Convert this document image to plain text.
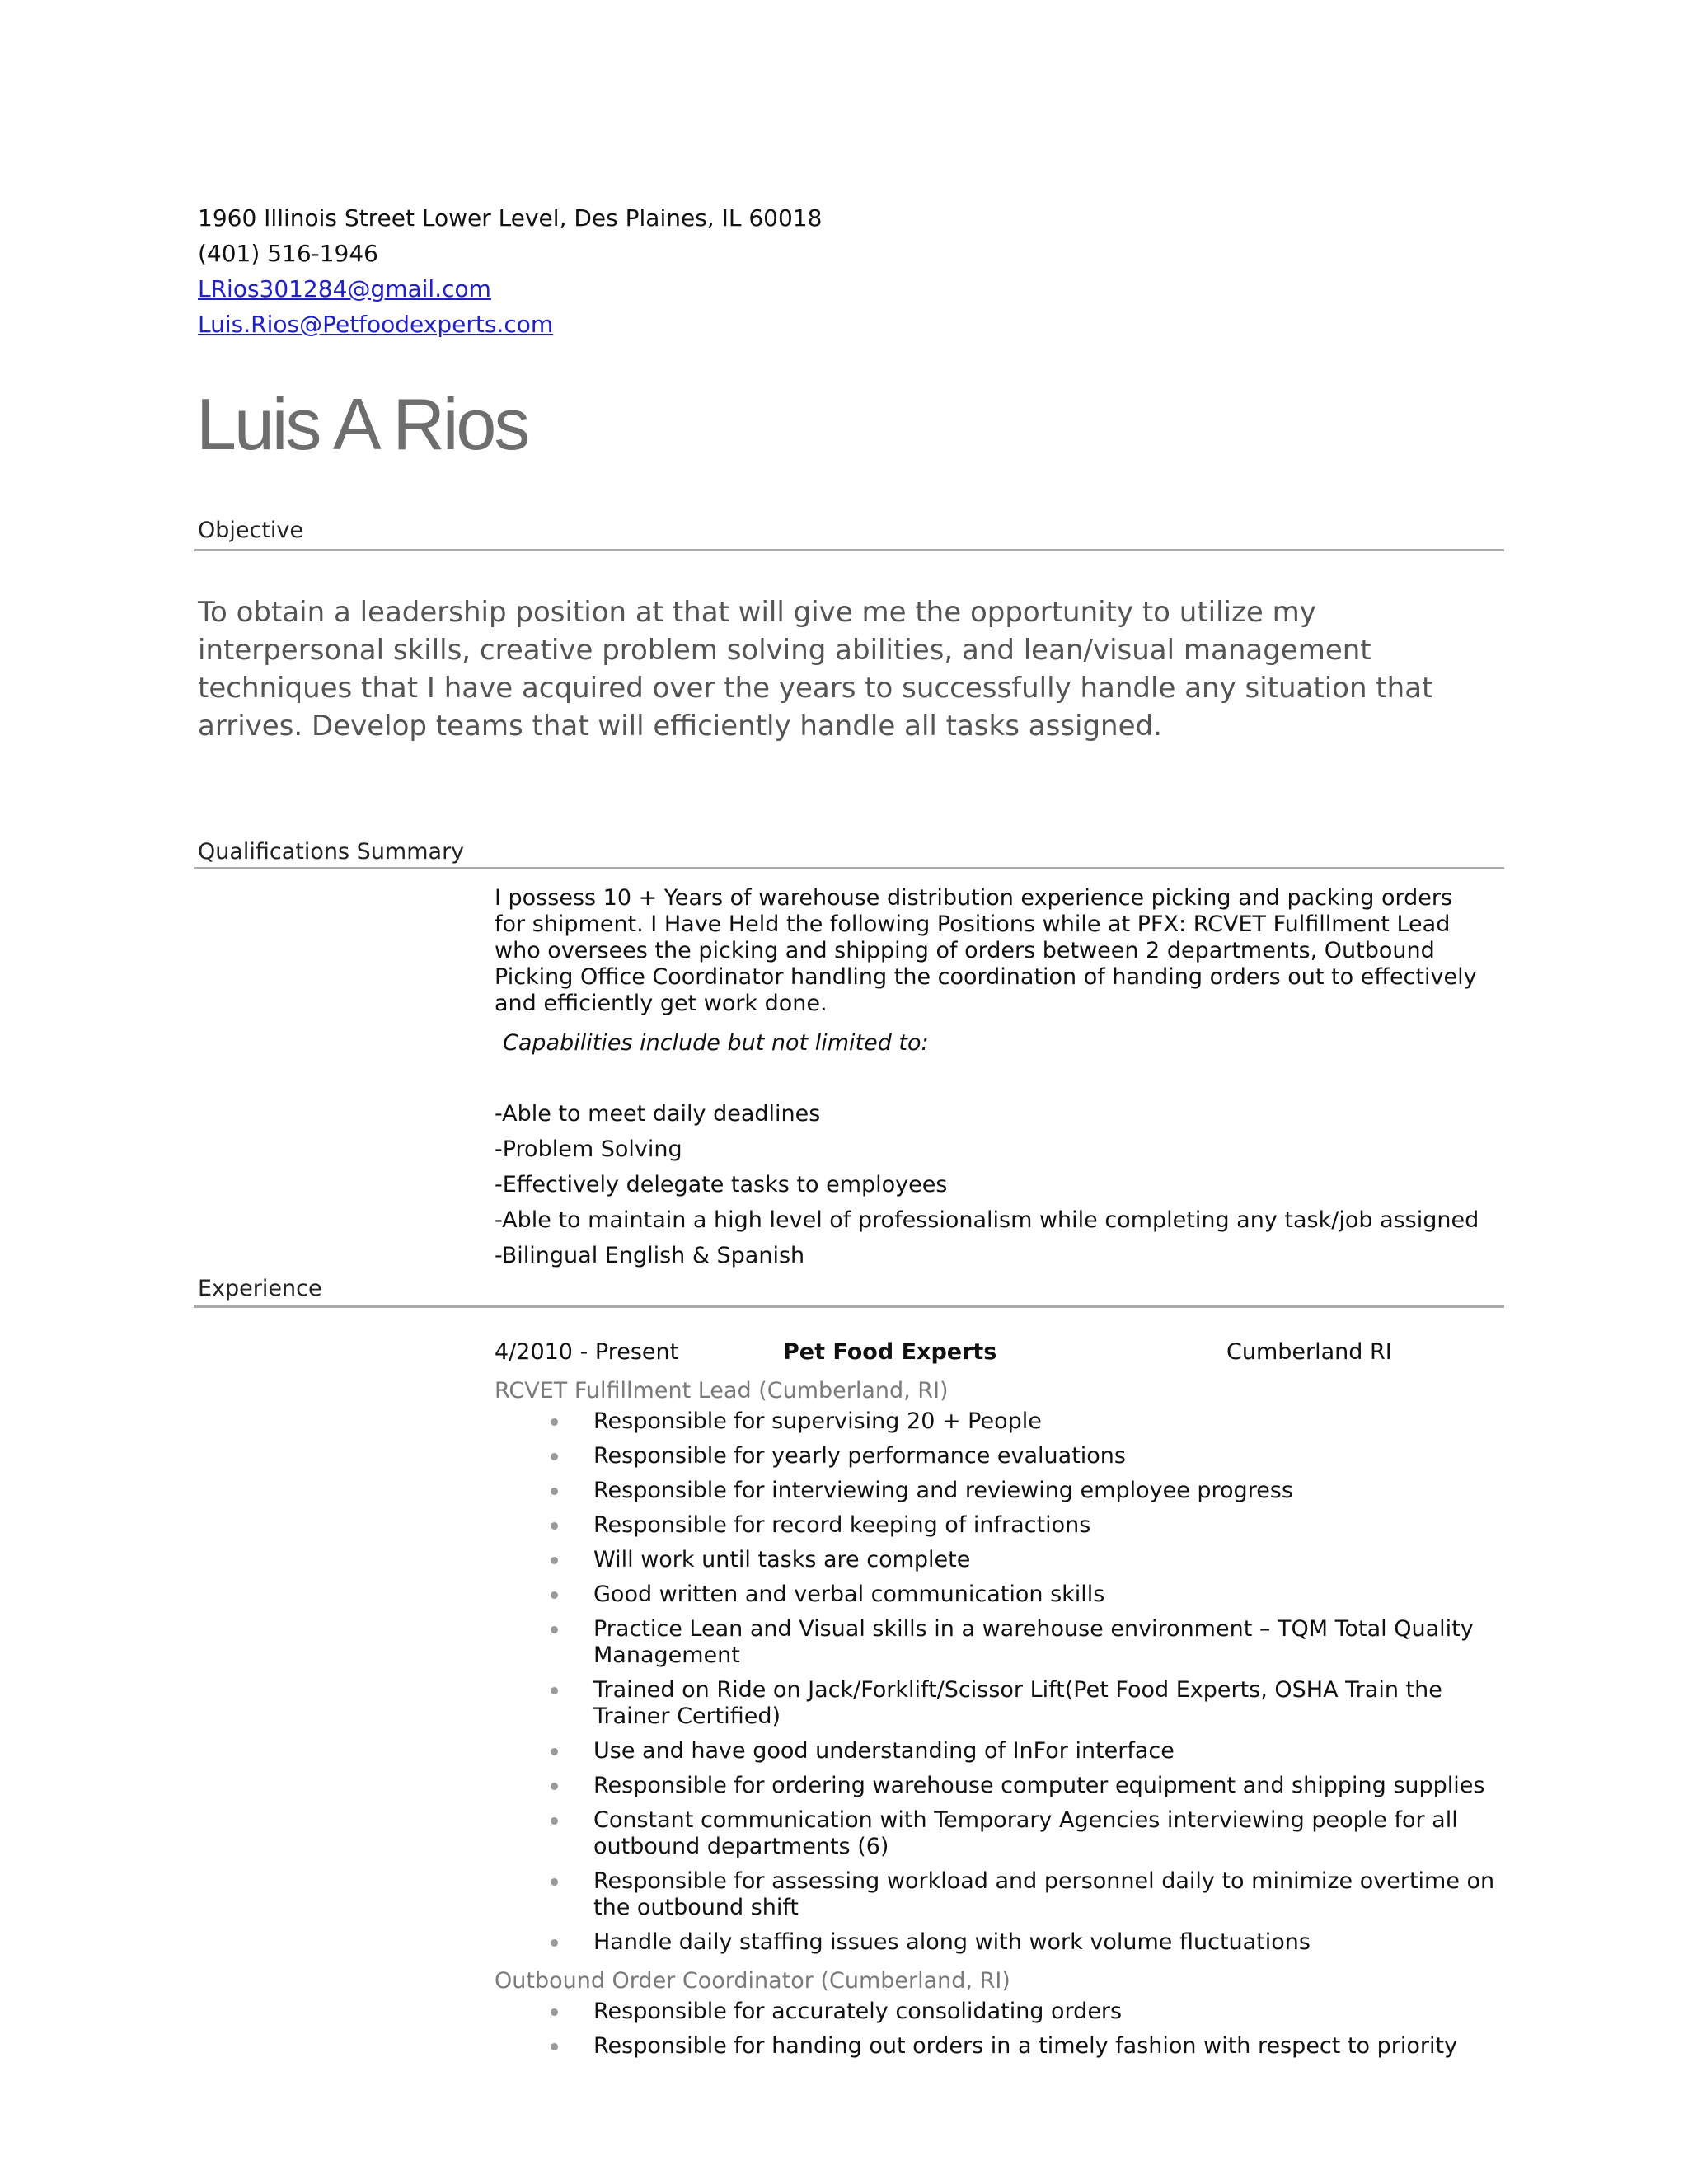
1960 Illinois Street Lower Level, Des Plaines, IL 60018
(401) 516-1946
LRios301284@gmail.com
Luis.Rios@Petfoodexperts.com
Luis A Rios
Objective

To obtain a leadership position at that will give me the opportunity to utilize my

interpersonal skills, creative problem solving abilities, and lean/visual management

techniques that I have acquired over the years to successfully handle any situation that

arrives. Develop teams that will efficiently handle all tasks assigned.

Qualifications Summary
I possess 10 + Years of warehouse distribution experience picking and packing orders
for shipment. I Have Held the following Positions while at PFX: RCVET Fulfillment Lead
who oversees the picking and shipping of orders between 2 departments, Outbound
Picking Office Coordinator handling the coordination of handing orders out to effectively
and efficiently get work done.
Capabilities include but not limited to:
-Able to meet daily deadlines
-Problem Solving
-Effectively delegate tasks to employees
-Able to maintain a high level of professionalism while completing any task/job assigned
-Bilingual English & Spanish
Experience
4/2010 - Present	Pet Food Experts	Cumberland RI
RCVET Fulfillment Lead (Cumberland, RI)
Responsible for supervising 20 + People
Responsible for yearly performance evaluations
Responsible for interviewing and reviewing employee progress
Responsible for record keeping of infractions
Will work until tasks are complete
Good written and verbal communication skills
Practice Lean and Visual skills in a warehouse environment – TQM Total Quality Management
Trained on Ride on Jack/Forklift/Scissor Lift(Pet Food Experts, OSHA Train the Trainer Certified)
Use and have good understanding of InFor interface
Responsible for ordering warehouse computer equipment and shipping supplies
Constant communication with Temporary Agencies interviewing people for all outbound departments (6)
Responsible for assessing workload and personnel daily to minimize overtime on the outbound shift
Handle daily staffing issues along with work volume fluctuations
Outbound Order Coordinator (Cumberland, RI)
Responsible for accurately consolidating orders
Responsible for handing out orders in a timely fashion with respect to priority
